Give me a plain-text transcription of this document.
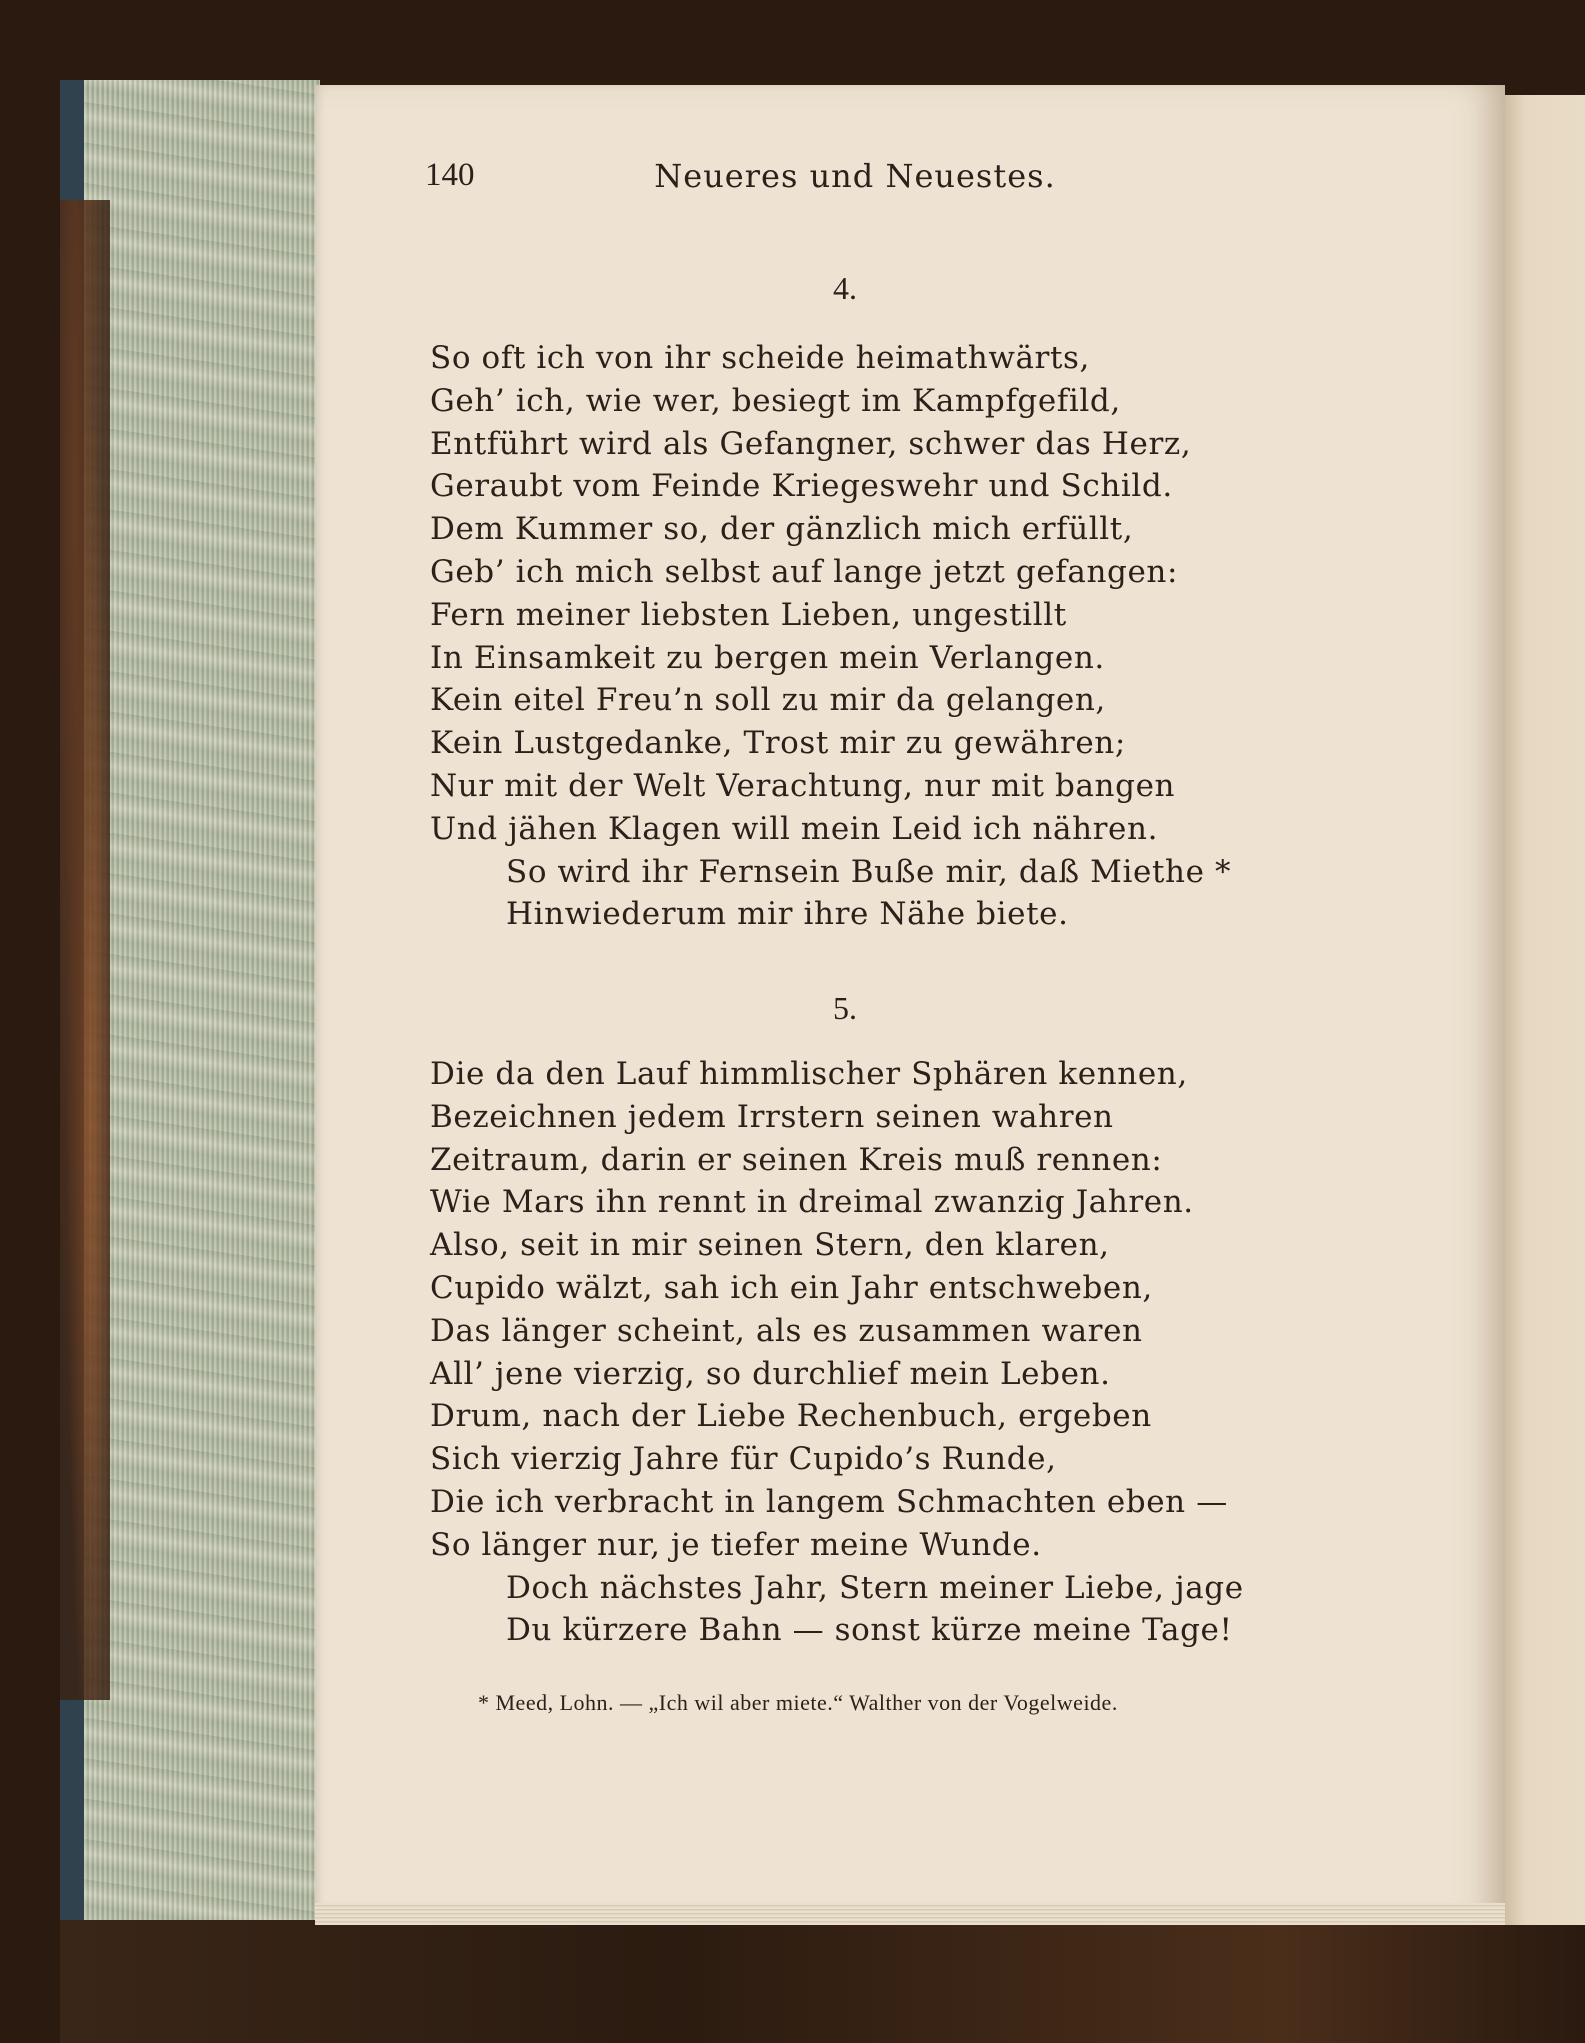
140	Neueres und Neuestes.
4.
So oft ich von ihr scheide heimathwärts,
Geh’ ich, wie wer, besiegt im Kampfgefild,
Entführt wird als Gefangner, schwer das Herz,
Geraubt vom Feinde Kriegeswehr und Schild.
Dem Kummer so, der gänzlich mich erfüllt,
Geb’ ich mich selbst auf lange jetzt gefangen:
Fern meiner liebsten Lieben, ungestillt
In Einsamkeit zu bergen mein Verlangen.
Kein eitel Freu’n soll zu mir da gelangen,
Kein Lustgedanke, Trost mir zu gewähren;
Nur mit der Welt Verachtung, nur mit bangen
Und jähen Klagen will mein Leid ich nähren.
So wird ihr Fernsein Buße mir, daß Miethe *
Hinwiederum mir ihre Nähe biete.
5.
Die da den Lauf himmlischer Sphären kennen,
Bezeichnen jedem Irrstern seinen wahren
Zeitraum, darin er seinen Kreis muß rennen:
Wie Mars ihn rennt in dreimal zwanzig Jahren.
Also, seit in mir seinen Stern, den klaren,
Cupido wälzt, sah ich ein Jahr entschweben,
Das länger scheint, als es zusammen waren
All’ jene vierzig, so durchlief mein Leben.
Drum, nach der Liebe Rechenbuch, ergeben
Sich vierzig Jahre für Cupido’s Runde,
Die ich verbracht in langem Schmachten eben —
So länger nur, je tiefer meine Wunde.
Doch nächstes Jahr, Stern meiner Liebe, jage
Du kürzere Bahn — sonst kürze meine Tage!
* Meed, Lohn. — „Ich wil aber miete.“ Walther von der Vogelweide.
